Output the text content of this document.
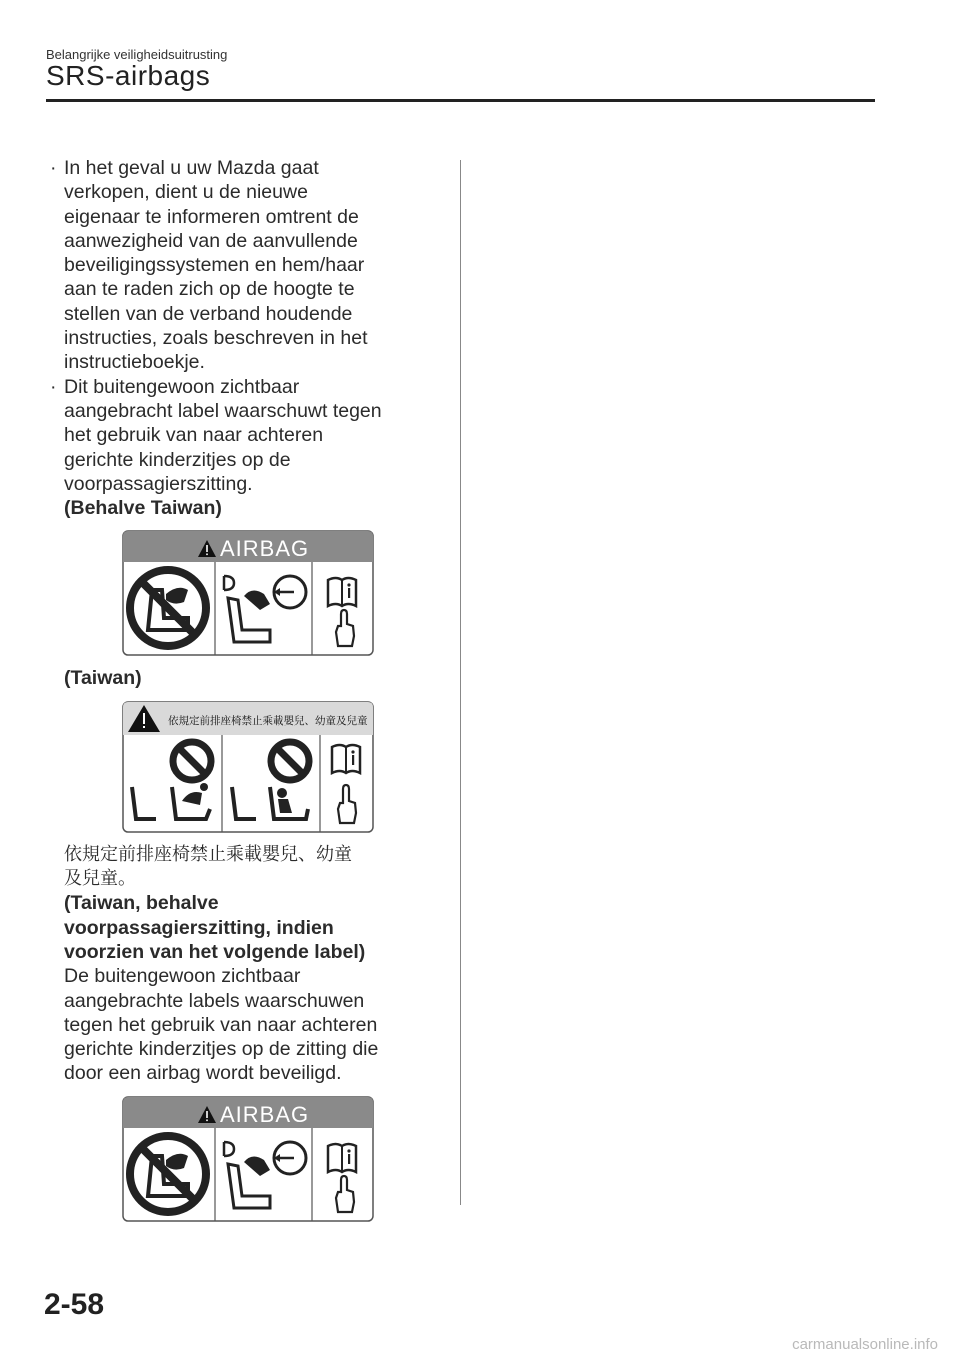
Belangrijke veiligheidsuitrusting
SRS-airbags
· In het geval u uw Mazda gaat
verkopen, dient u de nieuwe
eigenaar te informeren omtrent de
aanwezigheid van de aanvullende
beveiligingssystemen en hem/haar
aan te raden zich op de hoogte te
stellen van de verband houdende
instructies, zoals beschreven in het
instructieboekje.
· Dit buitengewoon zichtbaar
aangebracht label waarschuwt tegen
het gebruik van naar achteren
gerichte kinderzitjes op de
voorpassagierszitting.
(Behalve Taiwan)
AIRBAG
(Taiwan)
依規定前排座椅禁止乘載嬰兒、幼童及兒童
依規定前排座椅禁止乘載嬰兒、幼童
及兒童。
(Taiwan, behalve
voorpassagierszitting, indien
voorzien van het volgende label)
De buitengewoon zichtbaar
aangebrachte labels waarschuwen
tegen het gebruik van naar achteren
gerichte kinderzitjes op de zitting die
door een airbag wordt beveiligd.
AIRBAG
2-58
carmanualsonline.info
